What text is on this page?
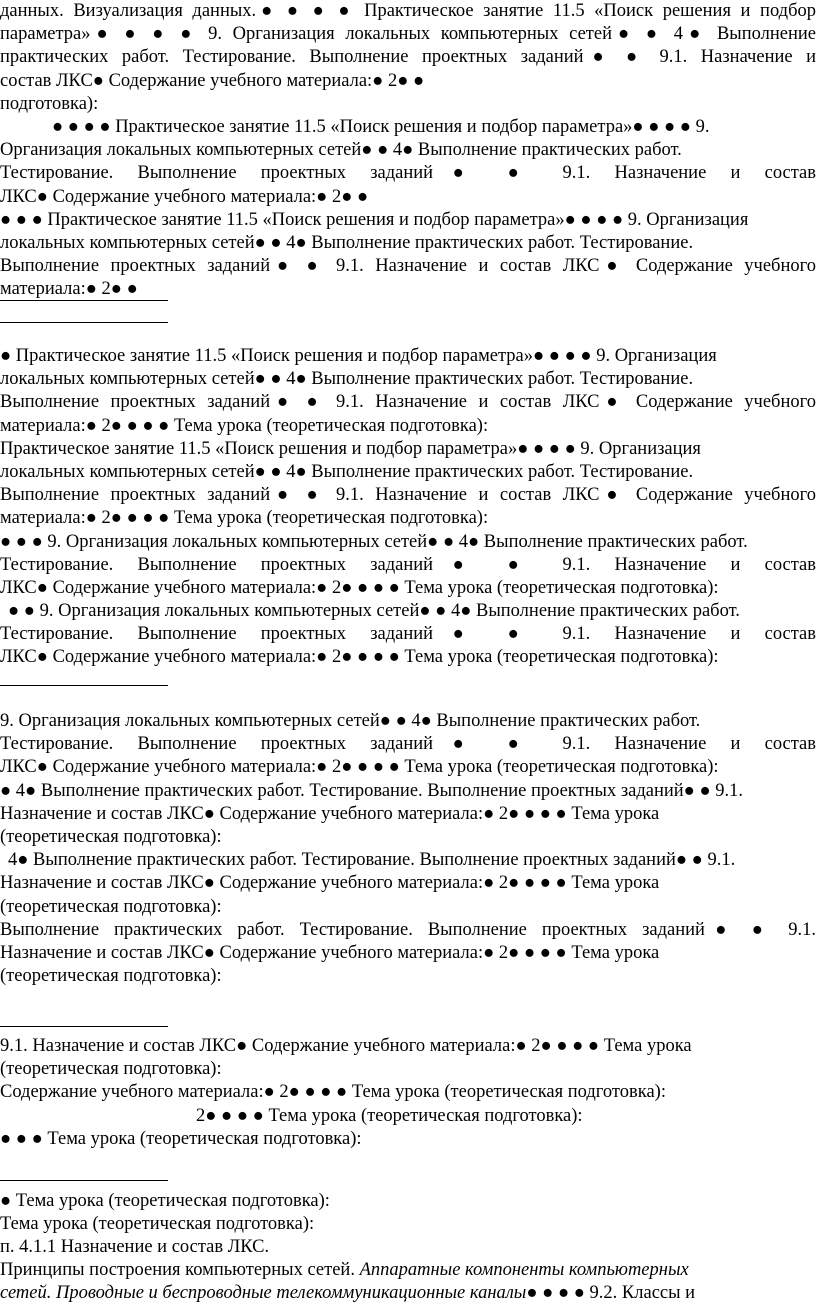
данных. Визуализация данных.● ● ● ● Практическое занятие 11.5 «Поиск решения и подбор
параметра»● ● ● ● 9. Организация локальных компьютерных сетей● ● 4● Выполнение
практических работ. Тестирование. Выполнение проектных заданий● ● 9.1. Назначение и
состав ЛКС● Содержание учебного материала:● 2● ●
подготовка):
● ● ● ● Практическое занятие 11.5 «Поиск решения и подбор параметра»● ● ● ● 9.
Организация локальных компьютерных сетей● ● 4● Выполнение практических работ.
Тестирование. Выполнение проектных заданий● ● 9.1. Назначение и состав
ЛКС● Содержание учебного материала:● 2● ●
● ● ● Практическое занятие 11.5 «Поиск решения и подбор параметра»● ● ● ● 9. Организация
локальных компьютерных сетей● ● 4● Выполнение практических работ. Тестирование.
Выполнение проектных заданий● ● 9.1. Назначение и состав ЛКС● Содержание учебного
материала:● 2● ●
● Практическое занятие 11.5 «Поиск решения и подбор параметра»● ● ● ● 9. Организация
локальных компьютерных сетей● ● 4● Выполнение практических работ. Тестирование.
Выполнение проектных заданий● ● 9.1. Назначение и состав ЛКС● Содержание учебного
материала:● 2● ● ● ● Тема урока (теоретическая подготовка):
Практическое занятие 11.5 «Поиск решения и подбор параметра»● ● ● ● 9. Организация
локальных компьютерных сетей● ● 4● Выполнение практических работ. Тестирование.
Выполнение проектных заданий● ● 9.1. Назначение и состав ЛКС● Содержание учебного
материала:● 2● ● ● ● Тема урока (теоретическая подготовка):
● ● ● 9. Организация локальных компьютерных сетей● ● 4● Выполнение практических работ.
Тестирование. Выполнение проектных заданий● ● 9.1. Назначение и состав
ЛКС● Содержание учебного материала:● 2● ● ● ● Тема урока (теоретическая подготовка):
● ● 9. Организация локальных компьютерных сетей● ● 4● Выполнение практических работ.
Тестирование. Выполнение проектных заданий● ● 9.1. Назначение и состав
ЛКС● Содержание учебного материала:● 2● ● ● ● Тема урока (теоретическая подготовка):
9. Организация локальных компьютерных сетей● ● 4● Выполнение практических работ.
Тестирование. Выполнение проектных заданий● ● 9.1. Назначение и состав
ЛКС● Содержание учебного материала:● 2● ● ● ● Тема урока (теоретическая подготовка):
● 4● Выполнение практических работ. Тестирование. Выполнение проектных заданий● ● 9.1.
Назначение и состав ЛКС● Содержание учебного материала:● 2● ● ● ● Тема урока
(теоретическая подготовка):
4● Выполнение практических работ. Тестирование. Выполнение проектных заданий● ● 9.1.
Назначение и состав ЛКС● Содержание учебного материала:● 2● ● ● ● Тема урока
(теоретическая подготовка):
Выполнение практических работ. Тестирование. Выполнение проектных заданий● ● 9.1.
Назначение и состав ЛКС● Содержание учебного материала:● 2● ● ● ● Тема урока
(теоретическая подготовка):
9.1. Назначение и состав ЛКС● Содержание учебного материала:● 2● ● ● ● Тема урока
(теоретическая подготовка):
Содержание учебного материала:● 2● ● ● ● Тема урока (теоретическая подготовка):
2● ● ● ● Тема урока (теоретическая подготовка):
● ● ● Тема урока (теоретическая подготовка):
● Тема урока (теоретическая подготовка):
Тема урока (теоретическая подготовка):
п. 4.1.1 Назначение и состав ЛКС.
Принципы построения компьютерных сетей. Аппаратные компоненты компьютерных
сетей. Проводные и беспроводные телекоммуникационные каналы● ● ● ● 9.2. Классы и
